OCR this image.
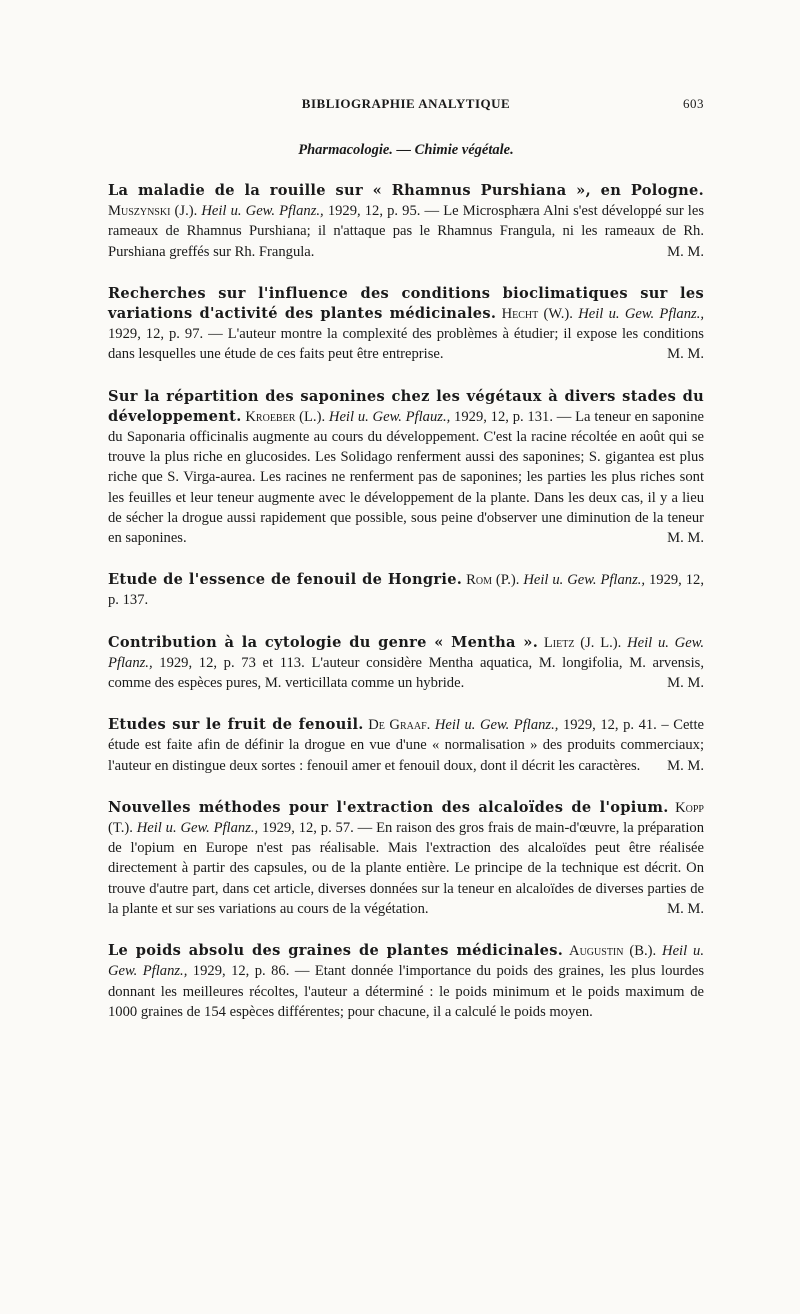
BIBLIOGRAPHIE ANALYTIQUE	603
Pharmacologie. — Chimie végétale.

La maladie de la rouille sur « Rhamnus Purshiana », en Pologne. Muszynski (J.). Heil u. Gew. Pflanz., 1929, 12, p. 95. — Le Microsphæra Alni s'est développé sur les rameaux de Rhamnus Purshiana; il n'attaque pas le Rhamnus Frangula, ni les rameaux de Rh. Purshiana greffés sur Rh. Frangula.	M. M.

Recherches sur l'influence des conditions bioclimatiques sur les variations d'activité des plantes médicinales. Hecht (W.). Heil u. Gew. Pflanz., 1929, 12, p. 97. — L'auteur montre la complexité des problèmes à étudier; il expose les conditions dans lesquelles une étude de ces faits peut être entreprise.	M. M.

Sur la répartition des saponines chez les végétaux à divers stades du développement. Kroeber (L.). Heil u. Gew. Pflauz., 1929, 12, p. 131. — La teneur en saponine du Saponaria officinalis augmente au cours du développement. C'est la racine récoltée en août qui se trouve la plus riche en glucosides. Les Solidago renferment aussi des saponines; S. gigantea est plus riche que S. Virga-aurea. Les racines ne renferment pas de saponines; les parties les plus riches sont les feuilles et leur teneur augmente avec le développement de la plante. Dans les deux cas, il y a lieu de sécher la drogue aussi rapidement que possible, sous peine d'observer une diminution de la teneur en saponines.	M. M.

Etude de l'essence de fenouil de Hongrie. Rom (P.). Heil u. Gew. Pflanz., 1929, 12, p. 137.

Contribution à la cytologie du genre « Mentha ». Lietz (J. L.). Heil u. Gew. Pflanz., 1929, 12, p. 73 et 113. L'auteur considère Mentha aquatica, M. longifolia, M. arvensis, comme des espèces pures, M. verticillata comme un hybride.	M. M.

Etudes sur le fruit de fenouil. De Graaf. Heil u. Gew. Pflanz., 1929, 12, p. 41. – Cette étude est faite afin de définir la drogue en vue d'une « normalisation » des produits commerciaux; l'auteur en distingue deux sortes : fenouil amer et fenouil doux, dont il décrit les caractères. M. M.

Nouvelles méthodes pour l'extraction des alcaloïdes de l'opium. Kopp (T.). Heil u. Gew. Pflanz., 1929, 12, p. 57. — En raison des gros frais de main-d'œuvre, la préparation de l'opium en Europe n'est pas réalisable. Mais l'extraction des alcaloïdes peut être réalisée directement à partir des capsules, ou de la plante entière. Le principe de la technique est décrit. On trouve d'autre part, dans cet article, diverses données sur la teneur en alcaloïdes de diverses parties de la plante et sur ses variations au cours de la végétation.	M. M.

Le poids absolu des graines de plantes médicinales. Augustin (B.). Heil u. Gew. Pflanz., 1929, 12, p. 86. — Etant donnée l'importance du poids des graines, les plus lourdes donnant les meilleures récoltes, l'auteur a déterminé : le poids minimum et le poids maximum de 1000 graines de 154 espèces différentes; pour chacune, il a calculé le poids moyen.
